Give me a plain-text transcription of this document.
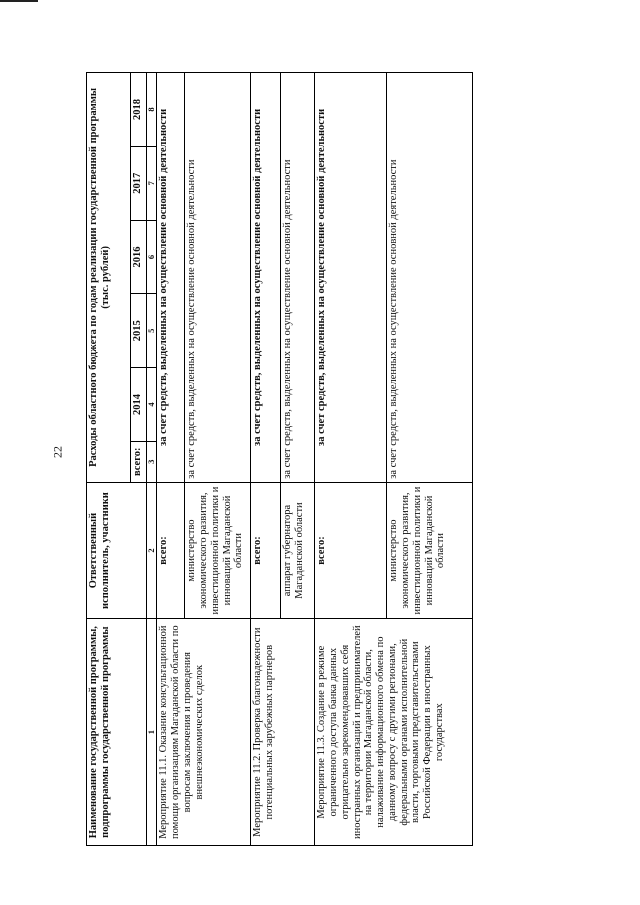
22
Наименование государственной программы, подпрограммы государственной программы	Ответственный исполнитель, участники	Расходы областного бюджета по годам реализации государственной программы (тыс. рублей)					
		всего:	2014	2015	2016	2017	2018
1	2	3	4	5	6	7	8
Мероприятие 11.1. Оказание консультационной помощи организациям Магаданской области по вопросам заключения и проведения внешнеэкономических сделок	всего:	за счет средств, выделенных на осуществление основной деятельности					
	министерство экономического развития, инвестиционной политики и инноваций Магаданской области	за счет средств, выделенных на осуществление основной деятельности					
Мероприятие 11.2. Проверка благонадежности потенциальных зарубежных партнеров	всего:	за счет средств, выделенных на осуществление основной деятельности					
	аппарат губернатора Магаданской области	за счет средств, выделенных на осуществление основной деятельности					
Мероприятие 11.3. Создание в режиме ограниченного доступа банка данных отрицательно зарекомендовавших себя иностранных организаций и предпринимателей на территории Магаданской области, налаживание информационного обмена по данному вопросу с другими регионами, федеральными органами исполнительной власти, торговыми представительствами Российской Федерации в иностранных государствах	всего:	за счет средств, выделенных на осуществление основной деятельности					
	министерство экономического развития, инвестиционной политики и инноваций Магаданской области	за счет средств, выделенных на осуществление основной деятельности					
